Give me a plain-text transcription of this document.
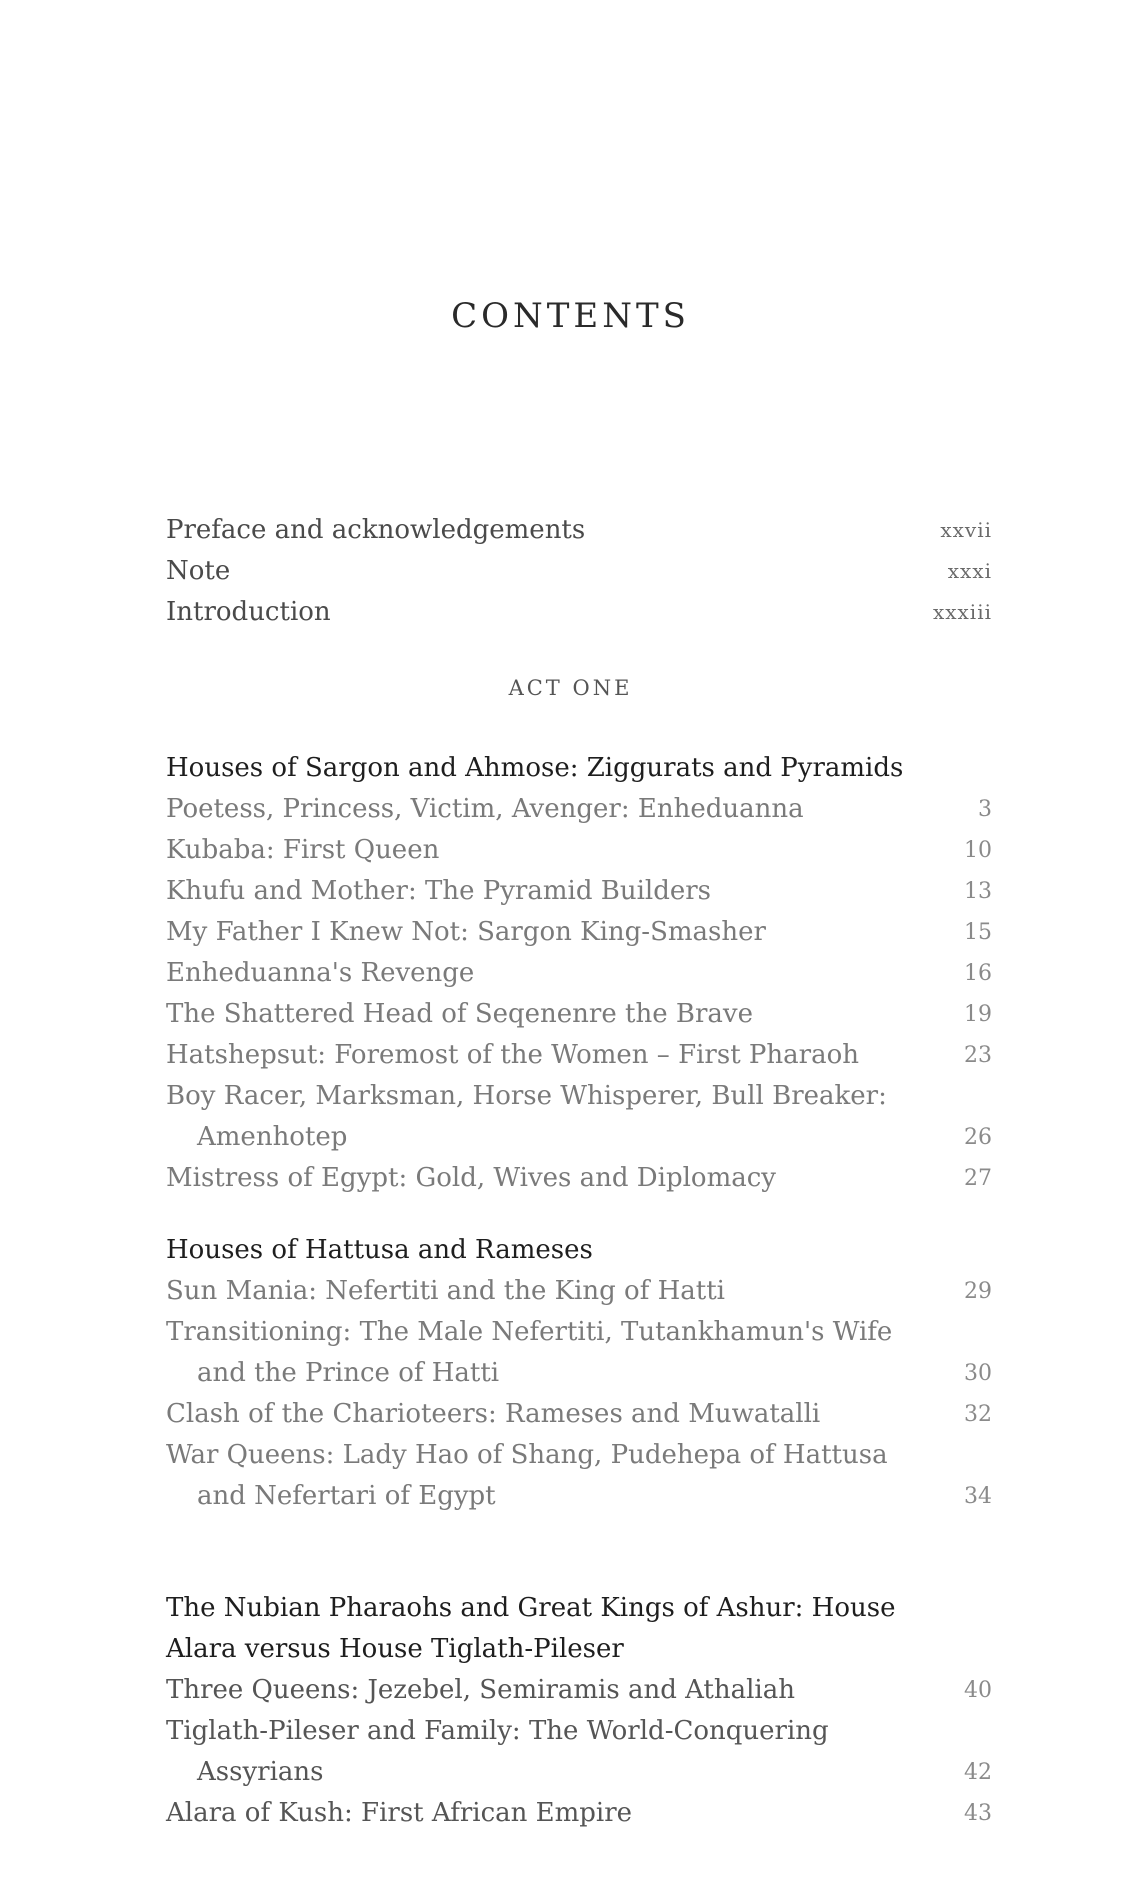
CONTENTS
Preface and acknowledgements	xxvii
Note	xxxi
Introduction	xxxiii
ACT ONE
Houses of Sargon and Ahmose: Ziggurats and Pyramids
Poetess, Princess, Victim, Avenger: Enheduanna	3
Kubaba: First Queen	10
Khufu and Mother: The Pyramid Builders	13
My Father I Knew Not: Sargon King-Smasher	15
Enheduanna's Revenge	16
The Shattered Head of Seqenenre the Brave	19
Hatshepsut: Foremost of the Women – First Pharaoh	23
Boy Racer, Marksman, Horse Whisperer, Bull Breaker:
Amenhotep	26
Mistress of Egypt: Gold, Wives and Diplomacy	27
Houses of Hattusa and Rameses
Sun Mania: Nefertiti and the King of Hatti	29
Transitioning: The Male Nefertiti, Tutankhamun's Wife
and the Prince of Hatti	30
Clash of the Charioteers: Rameses and Muwatalli	32
War Queens: Lady Hao of Shang, Pudehepa of Hattusa
and Nefertari of Egypt	34
The Nubian Pharaohs and Great Kings of Ashur: House
Alara versus House Tiglath-Pileser
Three Queens: Jezebel, Semiramis and Athaliah	40
Tiglath-Pileser and Family: The World-Conquering
Assyrians	42
Alara of Kush: First African Empire	43
